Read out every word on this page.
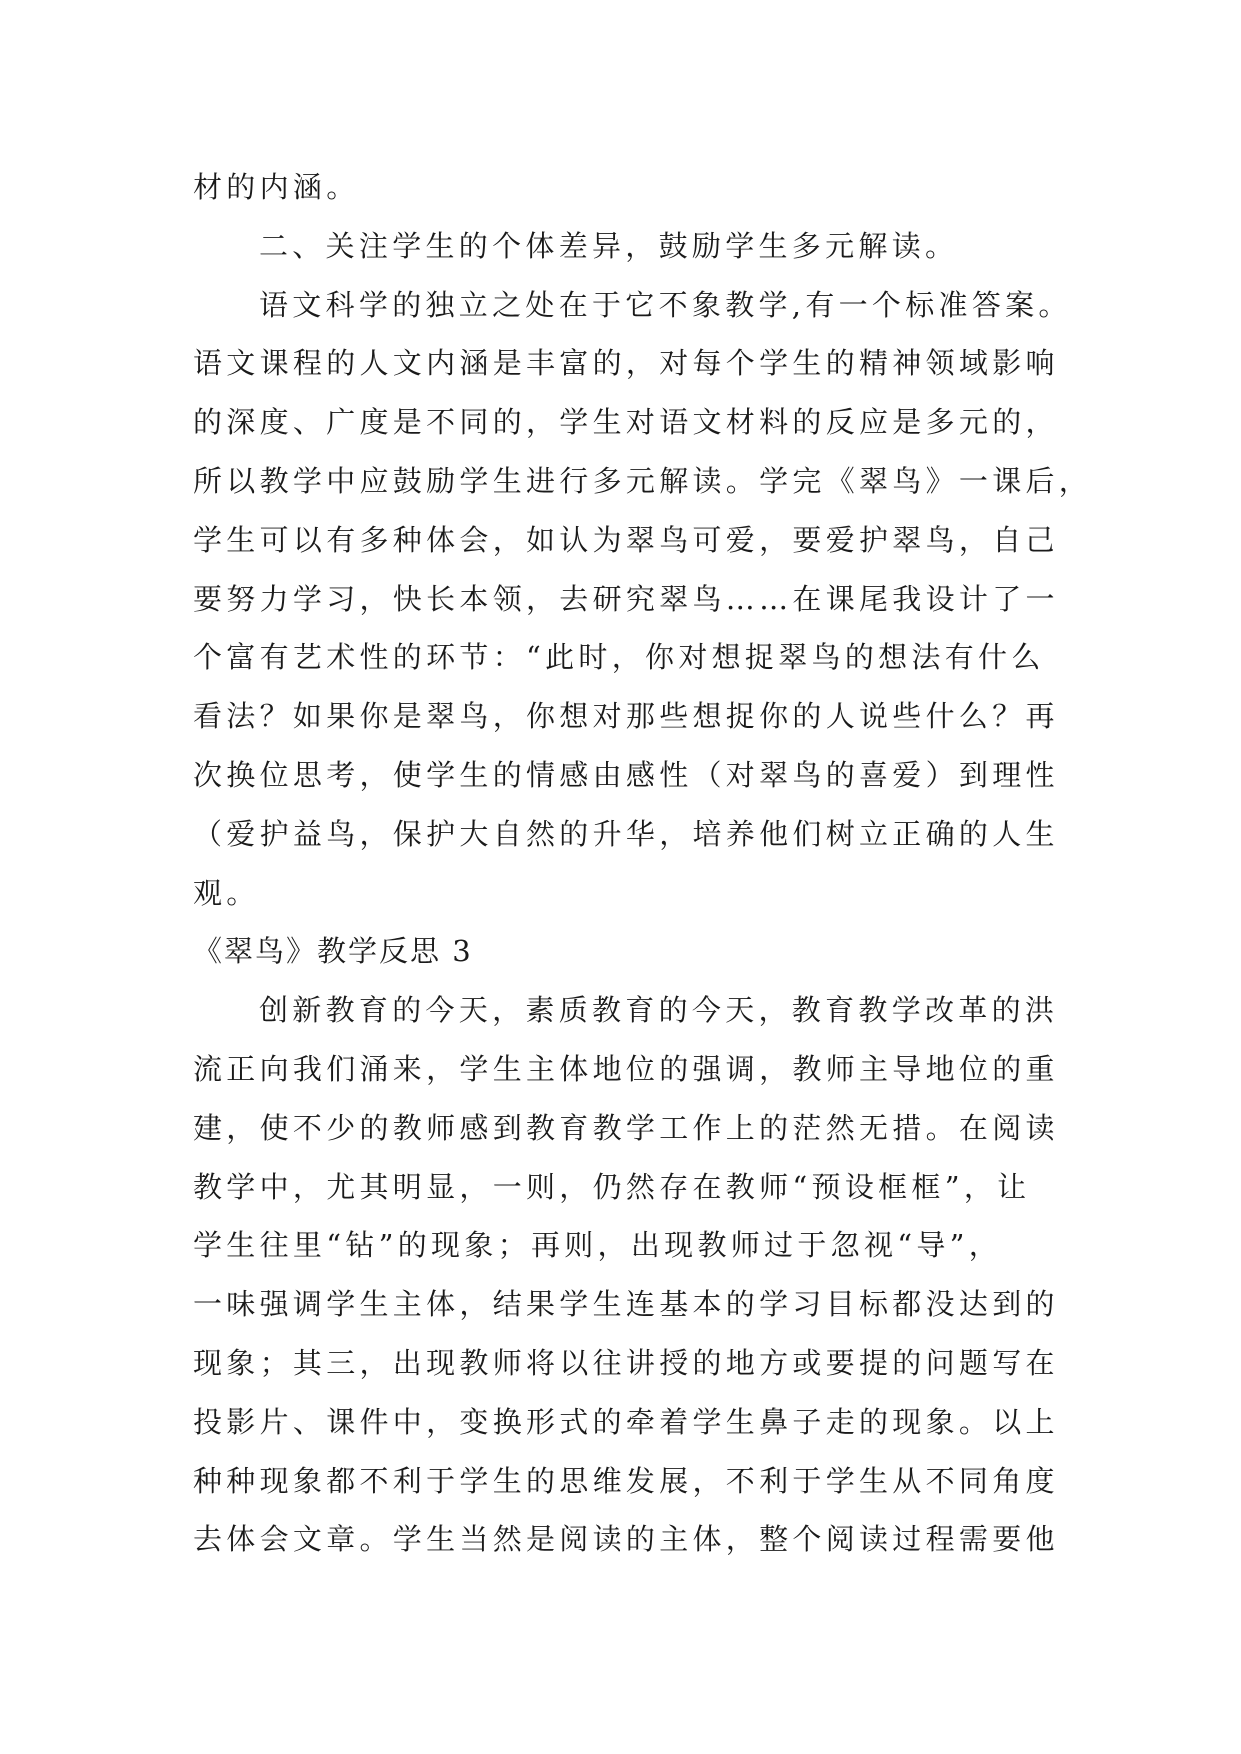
材的内涵。
二、关注学生的个体差异，鼓励学生多元解读。
语文科学的独立之处在于它不象教学,有一个标准答案。
语文课程的人文内涵是丰富的，对每个学生的精神领域影响
的深度、广度是不同的，学生对语文材料的反应是多元的，
所以教学中应鼓励学生进行多元解读。学完《翠鸟》一课后，
学生可以有多种体会，如认为翠鸟可爱，要爱护翠鸟，自己
要努力学习，快长本领，去研究翠鸟……在课尾我设计了一
个富有艺术性的环节：“此时，你对想捉翠鸟的想法有什么
看法？如果你是翠鸟，你想对那些想捉你的人说些什么？再
次换位思考，使学生的情感由感性（对翠鸟的喜爱）到理性
（爱护益鸟，保护大自然的升华，培养他们树立正确的人生
观。
《翠鸟》教学反思 3
创新教育的今天，素质教育的今天，教育教学改革的洪
流正向我们涌来，学生主体地位的强调，教师主导地位的重
建，使不少的教师感到教育教学工作上的茫然无措。在阅读
教学中，尤其明显，一则，仍然存在教师“预设框框”，让
学生往里“钻”的现象；再则，出现教师过于忽视“导”，
一味强调学生主体，结果学生连基本的学习目标都没达到的
现象；其三，出现教师将以往讲授的地方或要提的问题写在
投影片、课件中，变换形式的牵着学生鼻子走的现象。以上
种种现象都不利于学生的思维发展，不利于学生从不同角度
去体会文章。学生当然是阅读的主体，整个阅读过程需要他
